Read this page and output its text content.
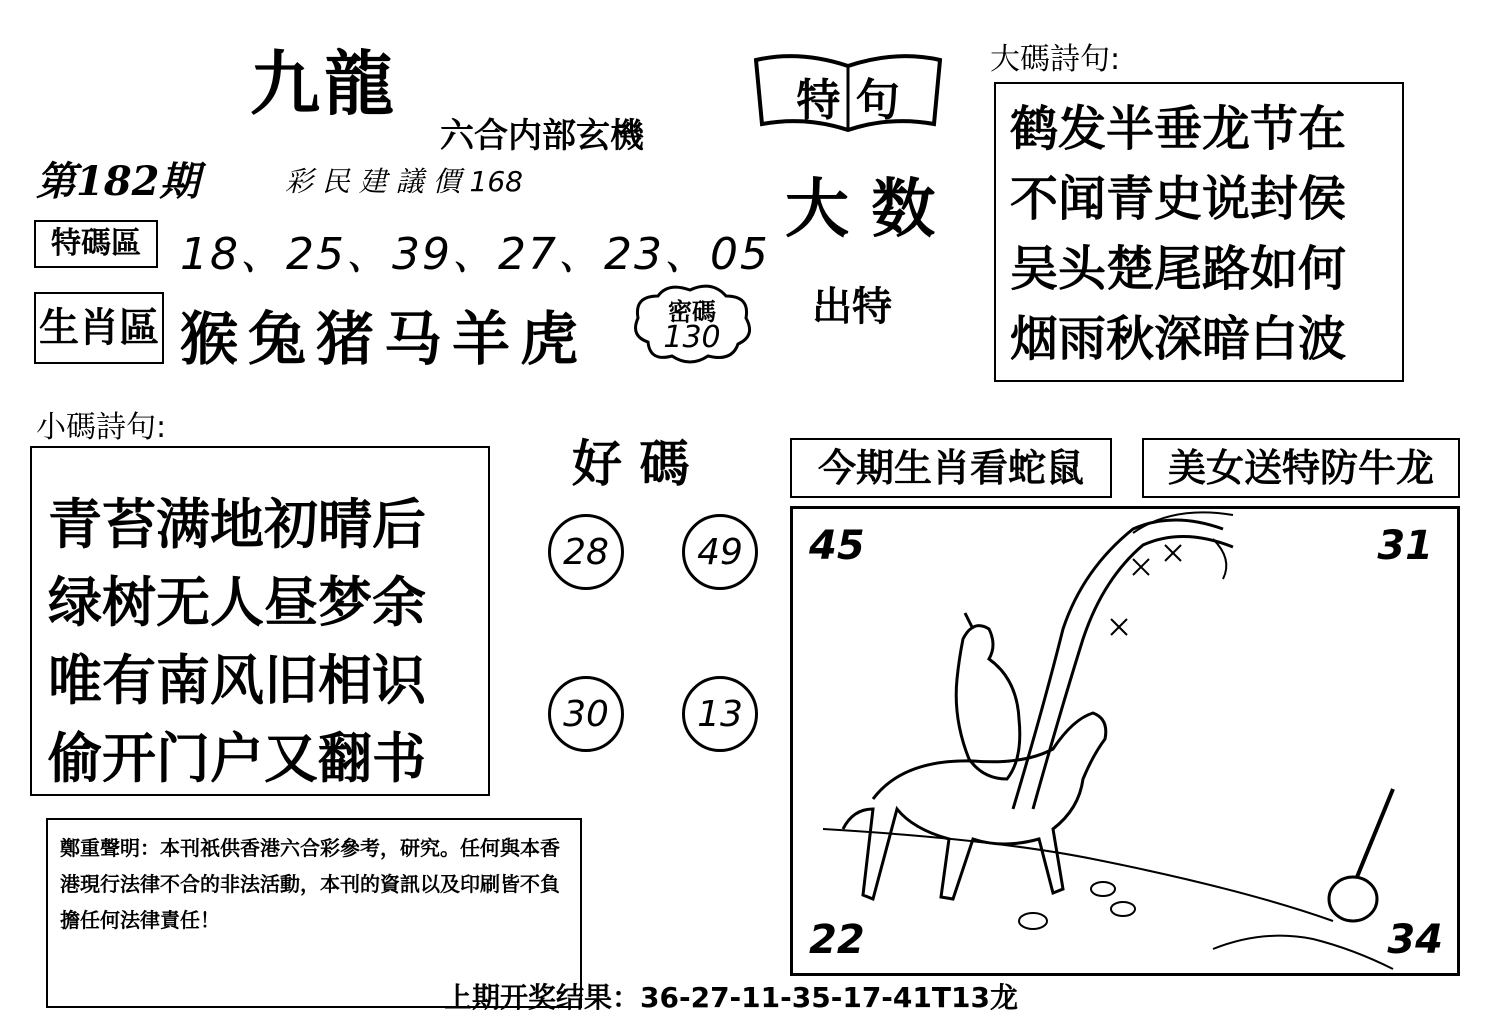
九龍
六合内部玄機
第182期	彩 民 建 議 價 168
特 句
大 数
出特
特碼區 18、25、39、27、23、05
生肖區 猴兔猪马羊虎	密碼
130
大碼詩句:
鹤发半垂龙节在
不闻青史说封侯
吴头楚尾路如何
烟雨秋深暗白波
小碼詩句:
青苔满地初晴后
绿树无人昼梦余
唯有南风旧相识
偷开门户又翻书
好 碼
28	49
30	13
今期生肖看蛇鼠	美女送特防牛龙
45	31
22	34
鄭重聲明：本刊祇供香港六合彩參考，研究。任何與本香港現行法律不合的非法活動，本刊的資訊以及印刷皆不負擔任何法律責任！
上期开奖结果：36-27-11-35-17-41T13龙
